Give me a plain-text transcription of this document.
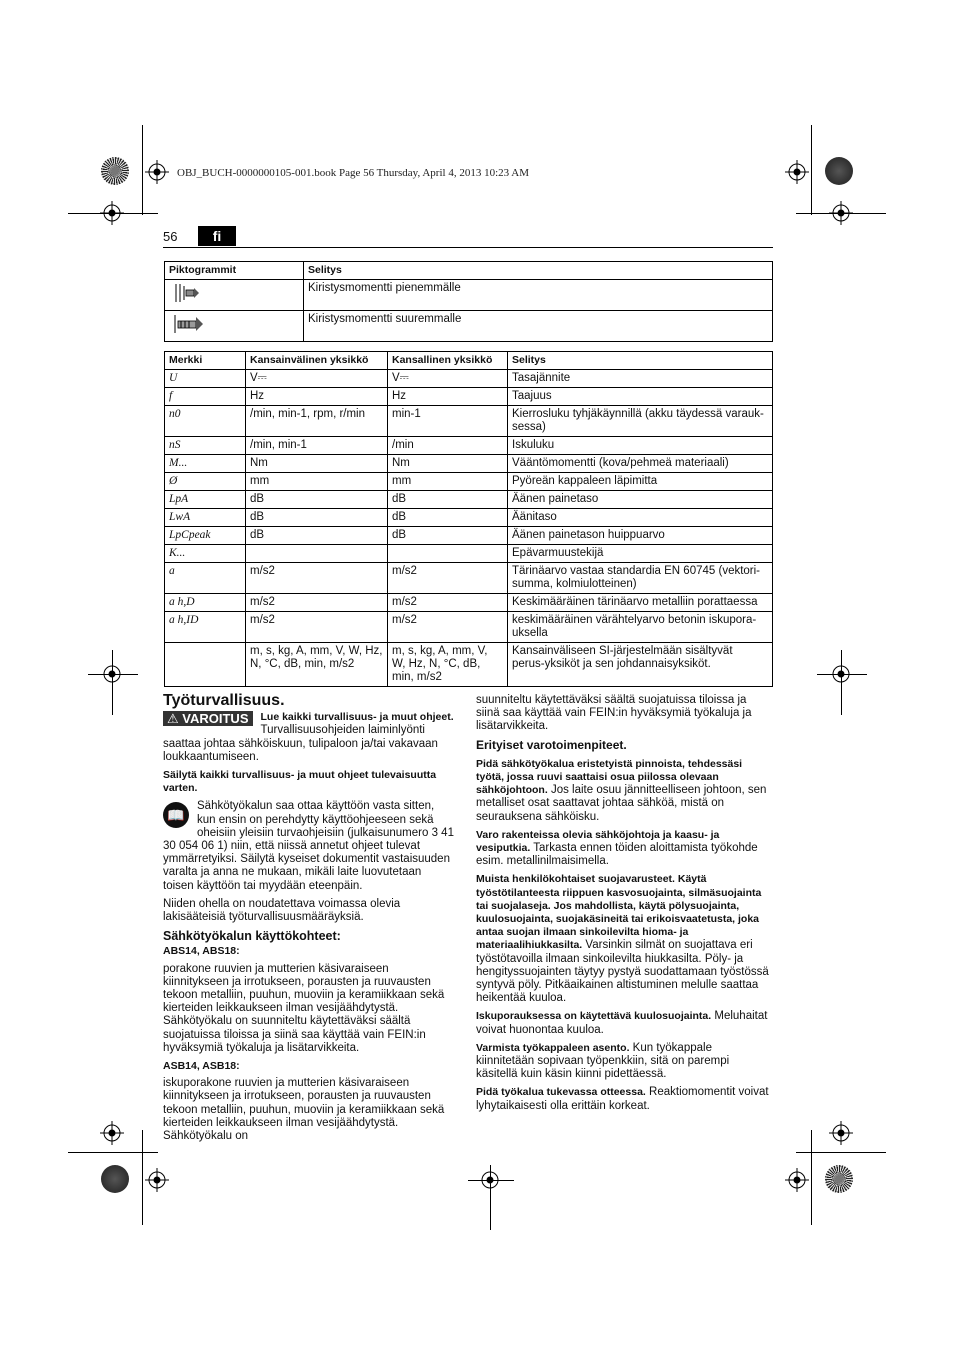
OBJ_BUCH-0000000105-001.book Page 56 Thursday, April 4, 2013 10:23 AM
56	fi
Piktogrammit	Selitys
	Kiristysmomentti pienemmälle
	Kiristysmomentti suuremmalle
Merkki	Kansainvälinen yksikkö	Kansallinen yksikkö	Selitys
U	V⎓	V⎓	Tasajännite
f	Hz	Hz	Taajuus
n0	/min, min-1, rpm, r/min	min-1	Kierrosluku tyhjäkäynnillä (akku täydessä varauk-sessa)
nS	/min, min-1	/min	Iskuluku
M...	Nm	Nm	Vääntömomentti (kova/pehmeä materiaali)
Ø	mm	mm	Pyöreän kappaleen läpimitta
LpA	dB	dB	Äänen painetaso
LwA	dB	dB	Äänitaso
LpCpeak	dB	dB	Äänen painetason huippuarvo
K...			Epävarmuustekijä
a	m/s2	m/s2	Tärinäarvo vastaa standardia EN 60745 (vektori-summa, kolmiulotteinen)
a h,D	m/s2	m/s2	Keskimääräinen tärinäarvo metalliin porattaessa
a h,ID	m/s2	m/s2	keskimääräinen värähtelyarvo betonin iskupora-uksella
	m, s, kg, A, mm, V, W, Hz, N, °C, dB, min, m/s2	m, s, kg, A, mm, V, W, Hz, N, °C, dB, min, m/s2	Kansainväliseen SI-järjestelmään sisältyvät perus-yksiköt ja sen johdannaisyksiköt.
Työturvallisuus.

⚠ VAROITUS	Lue kaikki turvallisuus- ja muut ohjeet. Turvallisuusohjeiden laiminlyönti saattaa johtaa sähköiskuun, tulipaloon ja/tai vakavaan loukkaantumiseen.

Säilytä kaikki turvallisuus- ja muut ohjeet tulevaisuutta varten.

📖
Sähkötyökalun saa ottaa käyttöön vasta sitten, kun ensin on perehdytty käyttöohjeeseen sekä oheisiin yleisiin turvaohjeisiin (julkaisunumero 3 41 30 054 06 1) niin, että niissä annetut ohjeet tulevat ymmärretyiksi. Säilytä kyseiset dokumentit vastaisuuden varalta ja anna ne mukaan, mikäli laite luovutetaan toisen käyttöön tai myydään eteenpäin.

Niiden ohella on noudatettava voimassa olevia lakisääteisiä työturvallisuusmääräyksiä.

Sähkötyökalun käyttökohteet:

ABS14, ABS18:

porakone ruuvien ja mutterien käsivaraiseen kiinnitykseen ja irrotukseen, porausten ja ruuvausten tekoon metalliin, puuhun, muoviin ja keramiikkaan sekä kierteiden leikkaukseen ilman vesijäähdytystä. Sähkötyökalu on suunniteltu käytettäväksi säältä suojatuissa tiloissa ja siinä saa käyttää vain FEIN:in hyväksymiä työkaluja ja lisätarvikkeita.

ASB14, ASB18:

iskuporakone ruuvien ja mutterien käsivaraiseen kiinnitykseen ja irrotukseen, porausten ja ruuvausten tekoon metalliin, puuhun, muoviin ja keramiikkaan sekä kierteiden leikkaukseen ilman vesijäähdytystä. Sähkötyökalu on

suunniteltu käytettäväksi säältä suojatuissa tiloissa ja siinä saa käyttää vain FEIN:in hyväksymiä työkaluja ja lisätarvikkeita.

Erityiset varotoimenpiteet.

Pidä sähkötyökalua eristetyistä pinnoista, tehdessäsi työtä, jossa ruuvi saattaisi osua piilossa olevaan sähköjohtoon. Jos laite osuu jännitteelliseen johtoon, sen metalliset osat saattavat johtaa sähköä, mistä on seurauksena sähköisku.

Varo rakenteissa olevia sähköjohtoja ja kaasu- ja vesiputkia. Tarkasta ennen töiden aloittamista työkohde esim. metallinilmaisimella.

Muista henkilökohtaiset suojavarusteet. Käytä työstötilanteesta riippuen kasvosuojainta, silmäsuojainta tai suojalaseja. Jos mahdollista, käytä pölysuojainta, kuulosuojainta, suojakäsineitä tai erikoisvaatetusta, joka antaa suojan ilmaan sinkoilevilta hioma- ja materiaalihiukkasilta. Varsinkin silmät on suojattava eri työstötavoilla ilmaan sinkoilevilta hiukkasilta. Pöly- ja hengityssuojainten täytyy pystyä suodattamaan työstössä syntyvä pöly. Pitkäaikainen altistuminen melulle saattaa heikentää kuuloa.

Iskuporauksessa on käytettävä kuulosuojainta. Meluhaitat voivat huonontaa kuuloa.

Varmista työkappaleen asento. Kun työkappale kiinnitetään sopivaan työpenkkiin, sitä on parempi käsitellä kuin käsin kiinni pidettäessä.

Pidä työkalua tukevassa otteessa. Reaktiomomentit voivat lyhytaikaisesti olla erittäin korkeat.
